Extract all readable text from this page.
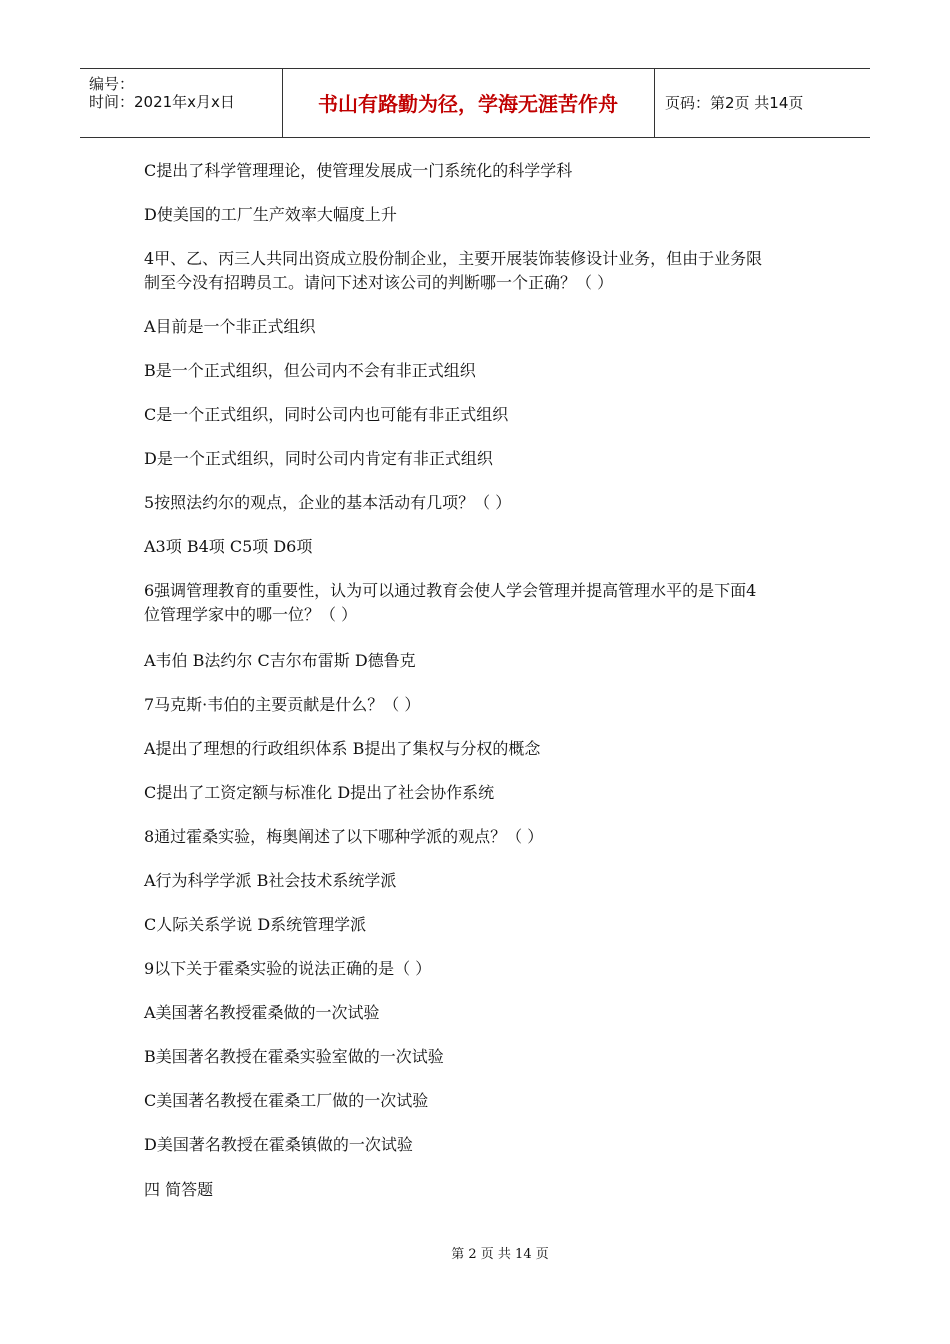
编号：
时间：2021年x月x日	书山有路勤为径，学海无涯苦作舟	页码：第2页 共14页
C提出了科学管理理论，使管理发展成一门系统化的科学学科
D使美国的工厂生产效率大幅度上升
4甲、乙、丙三人共同出资成立股份制企业，主要开展装饰装修设计业务，但由于业务限
制至今没有招聘员工。请问下述对该公司的判断哪一个正确？（ ）
A目前是一个非正式组织
B是一个正式组织，但公司内不会有非正式组织
C是一个正式组织，同时公司内也可能有非正式组织
D是一个正式组织，同时公司内肯定有非正式组织
5按照法约尔的观点，企业的基本活动有几项？（ ）
A3项 B4项 C5项 D6项
6强调管理教育的重要性，认为可以通过教育会使人学会管理并提高管理水平的是下面4
位管理学家中的哪一位？（ ）
A韦伯 B法约尔 C吉尔布雷斯 D德鲁克
7马克斯·韦伯的主要贡献是什么？（ ）
A提出了理想的行政组织体系 B提出了集权与分权的概念
C提出了工资定额与标准化 D提出了社会协作系统
8通过霍桑实验，梅奥阐述了以下哪种学派的观点？（ ）
A行为科学学派 B社会技术系统学派
C人际关系学说 D系统管理学派
9以下关于霍桑实验的说法正确的是（ ）
A美国著名教授霍桑做的一次试验
B美国著名教授在霍桑实验室做的一次试验
C美国著名教授在霍桑工厂做的一次试验
D美国著名教授在霍桑镇做的一次试验
四 简答题
第 2 页 共 14 页
